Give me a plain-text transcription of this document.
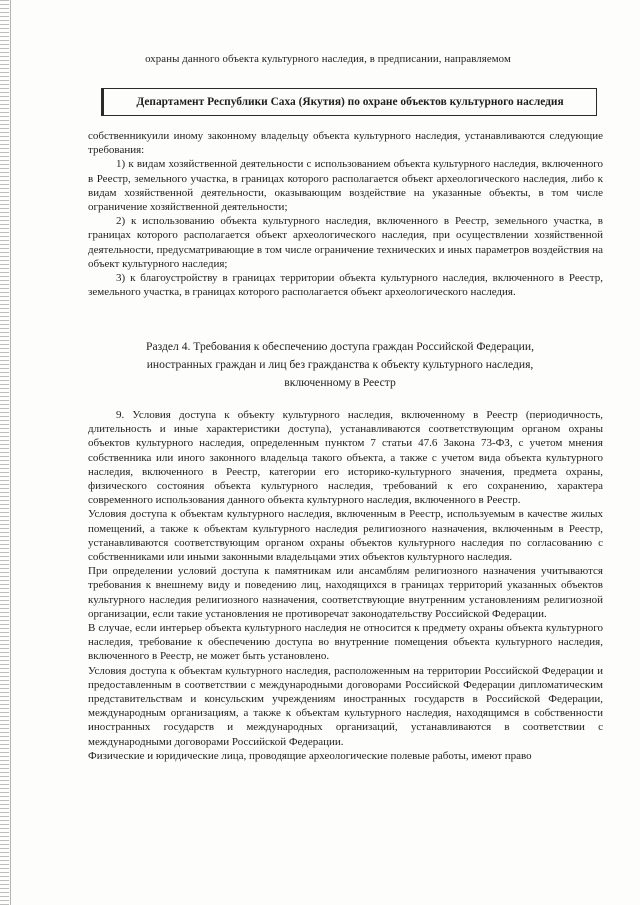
охраны данного объекта культурного наследия, в предписании, направляемом
Департамент Республики Саха (Якутия) по охране объектов культурного наследия

собственникуили иному законному владельцу объекта культурного наследия, устанавливаются следующие требования:

1) к видам хозяйственной деятельности с использованием объекта культурного наследия, включенного в Реестр, земельного участка, в границах которого располагается объект археологического наследия, либо к видам хозяйственной деятельности, оказывающим воздействие на указанные объекты, в том числе ограничение хозяйственной деятельности;

2) к использованию объекта культурного наследия, включенного в Реестр, земельного участка, в границах которого располагается объект археологического наследия, при осуществлении хозяйственной деятельности, предусматривающие в том числе ограничение технических и иных параметров воздействия на объект культурного наследия;

3) к благоустройству в границах территории объекта культурного наследия, включенного в Реестр, земельного участка, в границах которого располагается объект археологического наследия.

Раздел 4. Требования к обеспечению доступа граждан Российской Федерации,

иностранных граждан и лиц без гражданства к объекту культурного наследия,

включенному в Реестр

9. Условия доступа к объекту культурного наследия, включенному в Реестр (периодичность, длительность и иные характеристики доступа), устанавливаются соответствующим органом охраны объектов культурного наследия, определенным пунктом 7 статьи 47.6 Закона 73-ФЗ, с учетом мнения собственника или иного законного владельца такого объекта, а также с учетом вида объекта культурного наследия, включенного в Реестр, категории его историко-культурного значения, предмета охраны, физического состояния объекта культурного наследия, требований к его сохранению, характера современного использования данного объекта культурного наследия, включенного в Реестр.

Условия доступа к объектам культурного наследия, включенным в Реестр, используемым в качестве жилых помещений, а также к объектам культурного наследия религиозного назначения, включенным в Реестр, устанавливаются соответствующим органом охраны объектов культурного наследия по согласованию с собственниками или иными законными владельцами этих объектов культурного наследия.

При определении условий доступа к памятникам или ансамблям религиозного назначения учитываются требования к внешнему виду и поведению лиц, находящихся в границах территорий указанных объектов культурного наследия религиозного назначения, соответствующие внутренним установлениям религиозной организации, если такие установления не противоречат законодательству Российской Федерации.

В случае, если интерьер объекта культурного наследия не относится к предмету охраны объекта культурного наследия, требование к обеспечению доступа во внутренние помещения объекта культурного наследия, включенного в Реестр, не может быть установлено.

Условия доступа к объектам культурного наследия, расположенным на территории Российской Федерации и предоставленным в соответствии с международными договорами Российской Федерации дипломатическим представительствам и консульским учреждениям иностранных государств в Российской Федерации, международным организациям, а также к объектам культурного наследия, находящимся в собственности иностранных государств и международных организаций, устанавливаются в соответствии с международными договорами Российской Федерации.

Физические и юридические лица, проводящие археологические полевые работы, имеют право
